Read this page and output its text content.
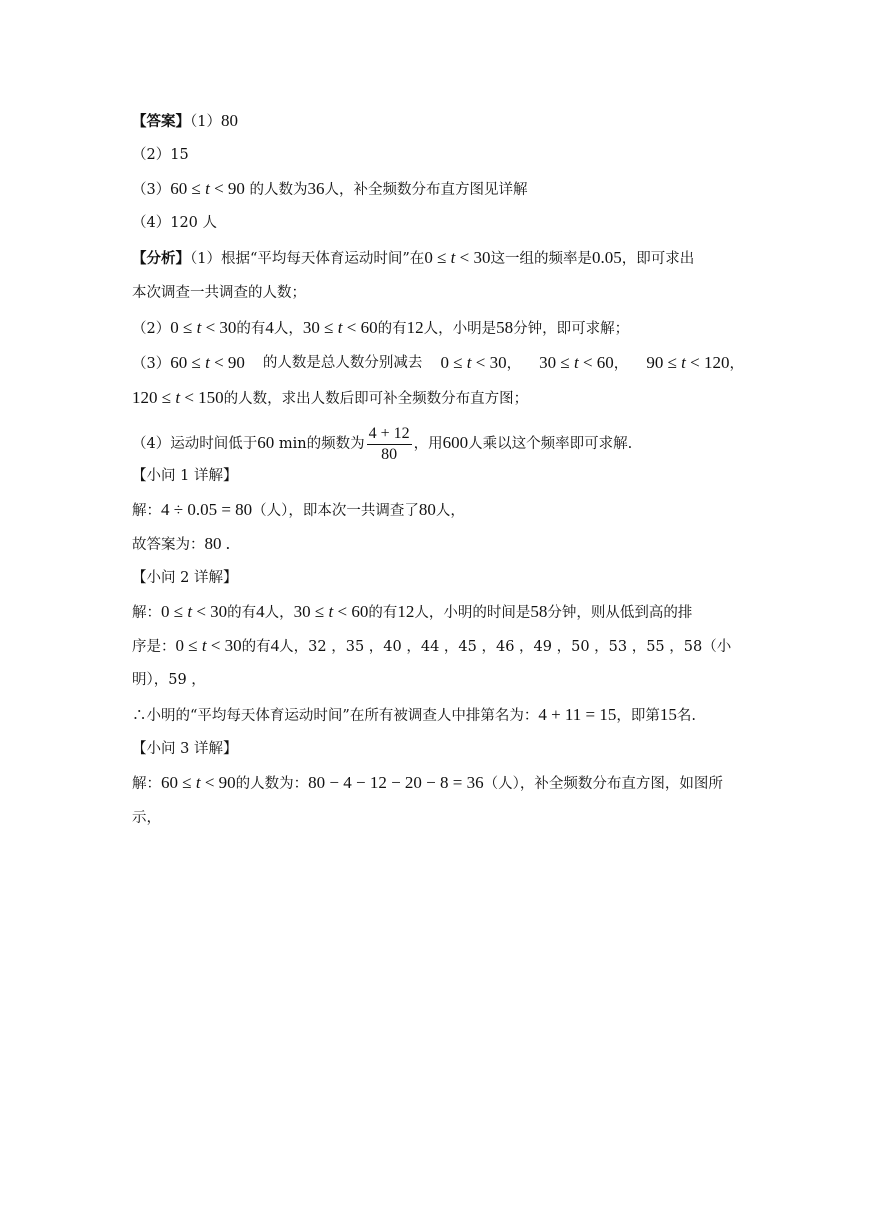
【答案】（1）80
（2）15
（3）60 ≤ t < 90 的人数为36人，补全频数分布直方图见详解
（4）120 人
【分析】（1）根据“平均每天体育运动时间”在0 ≤ t < 30这一组的频率是0.05，即可求出
本次调查一共调查的人数；
（2）0 ≤ t < 30的有4人，30 ≤ t < 60的有12人，小明是58分钟，即可求解；
（3）60 ≤ t < 90 的人数是总人数分别减去 0 ≤ t < 30， 30 ≤ t < 60， 90 ≤ t < 120，
120 ≤ t < 150的人数，求出人数后即可补全频数分布直方图；
（4）运动时间低于60 min的频数为 $\frac{4 + 12}{80}$ ，用600人乘以这个频率即可求解.
【小问 1 详解】
解：4 ÷ 0.05 = 80（人），即本次一共调查了80人，
故答案为：80 .
【小问 2 详解】
解：0 ≤ t < 30的有4人，30 ≤ t < 60的有12人，小明的时间是58分钟，则从低到高的排
序是：0 ≤ t < 30的有4人，32 ，35 ，40 ，44 ，45 ，46 ，49 ，50 ，53 ，55 ，58（小
明），59 ，
∴小明的“平均每天体育运动时间”在所有被调查人中排第名为：4 + 11 = 15，即第15名.
【小问 3 详解】
解：60 ≤ t < 90的人数为：80 − 4 − 12 − 20 − 8 = 36（人），补全频数分布直方图，如图所
示，
